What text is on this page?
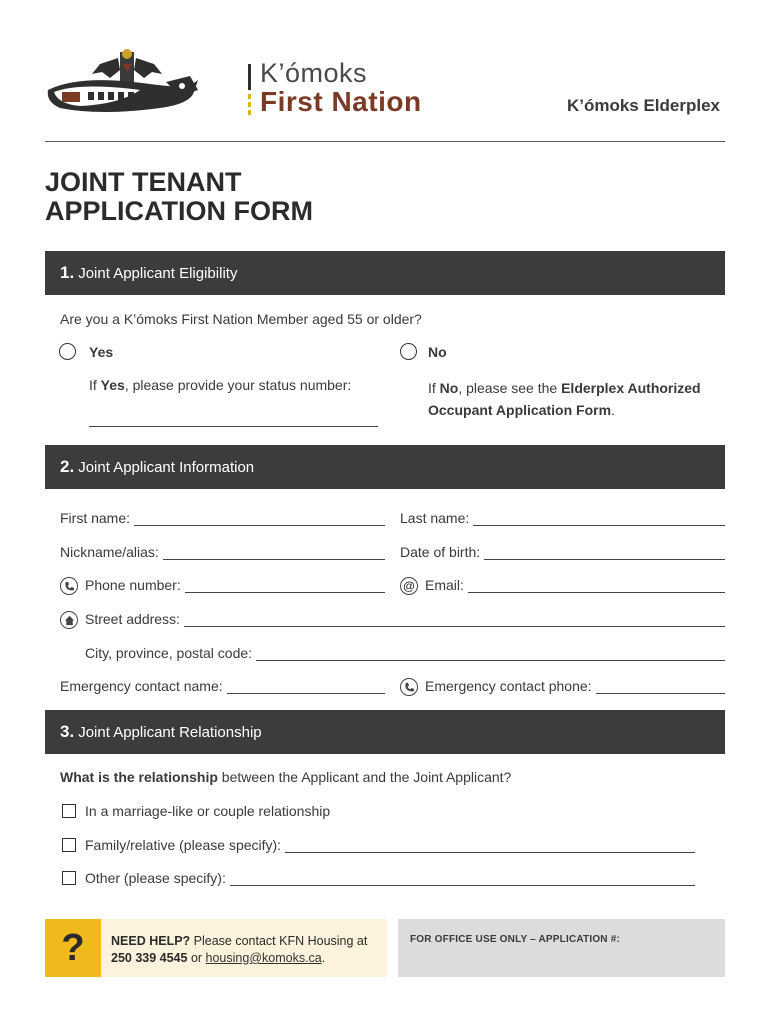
K’ómoks
First Nation	K’ómoks Elderplex
JOINT TENANT
APPLICATION FORM
1. Joint Applicant Eligibility
Are you a K’ómoks First Nation Member aged 55 or older?
Yes	No
If Yes, please provide your status number:	If No, please see the Elderplex Authorized
Occupant Application Form.
2. Joint Applicant Information
First name:	Last name:
Nickname/alias:	Date of birth:
Phone number:	@ Email:
Street address:
City, province, postal code:
Emergency contact name:	Emergency contact phone:
3. Joint Applicant Relationship
What is the relationship between the Applicant and the Joint Applicant?
In a marriage-like or couple relationship
Family/relative (please specify):
Other (please specify):
?	NEED HELP? Please contact KFN Housing at
250 339 4545 or housing@komoks.ca.
FOR OFFICE USE ONLY – APPLICATION #:
